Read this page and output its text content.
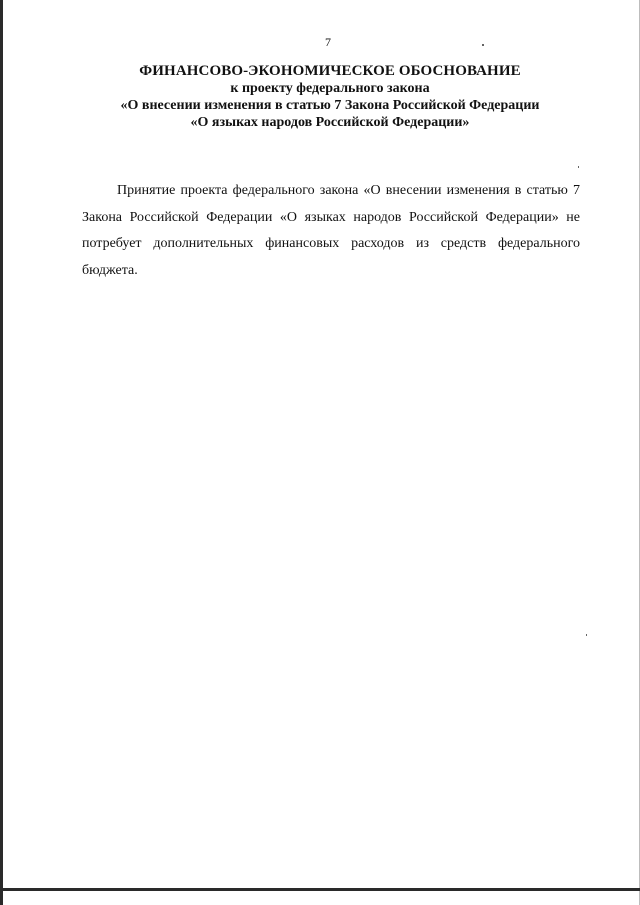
7
ФИНАНСОВО-ЭКОНОМИЧЕСКОЕ ОБОСНОВАНИЕ
к проекту федерального закона
«О внесении изменения в статью 7 Закона Российской Федерации
«О языках народов Российской Федерации»

Принятие проекта федерального закона «О внесении изменения в статью 7 Закона Российской Федерации «О языках народов Российской Федерации» не потребует дополнительных финансовых расходов из средств федерального бюджета.
